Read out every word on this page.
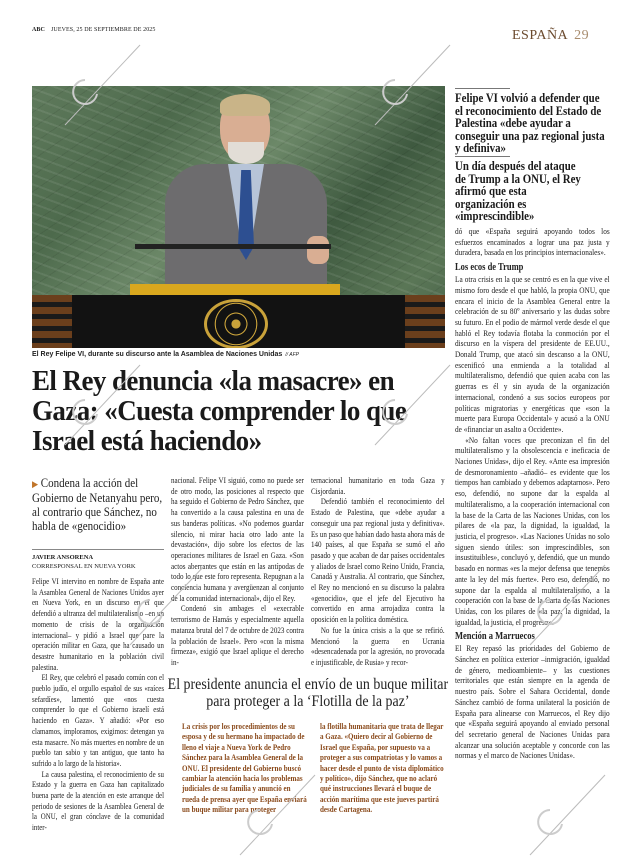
ABC JUEVES, 25 DE SEPTIEMBRE DE 2025	ESPAÑA 29
El Rey Felipe VI, durante su discurso ante la Asamblea de Naciones Unidas // AFP
El Rey denuncia «la masacre» en Gaza: «Cuesta comprender lo que Israel está haciendo»
▶ Condena la acción del Gobierno de Netanyahu pero, al contrario que Sánchez, no habla de «genocidio»
JAVIER ANSORENA
CORRESPONSAL EN NUEVA YORK

Felipe VI intervino en nombre de España ante la Asamblea General de Naciones Unidos ayer en Nueva York, en un discurso en el que defendió a ultranza del multilateralismo –en un momento de crisis de la organización internacional– y pidió a Israel que pare la operación militar en Gaza, que ha causado un desastre humanitario en la población civil palestina.

El Rey, que celebró el pasado común con el pueblo judío, el orgullo español de sus «raíces sefardíes», lamentó que «nos cuesta comprender lo que el Gobierno israelí está haciendo en Gaza». Y añadió: «Por eso clamamos, imploramos, exigimos: detengan ya esta masacre. No más muertes en nombre de un pueblo tan sabio y tan antiguo, que tanto ha sufrido a lo largo de la historia».

La causa palestina, el reconocimiento de su Estado y la guerra en Gaza han capitalizado buena parte de la atención en este arranque del periodo de sesiones de la Asamblea General de la ONU, el gran cónclave de la comunidad inter-

nacional. Felipe VI siguió, como no puede ser de otro modo, las posiciones al respecto que ha seguido el Gobierno de Pedro Sánchez, que ha convertido a la causa palestina en una de sus banderas políticas. «No podemos guardar silencio, ni mirar hacia otro lado ante la devastación», dijo sobre los efectos de las operaciones militares de Israel en Gaza. «Son actos aberrantes que están en las antípodas de todo lo que este foro representa. Repugnan a la conciencia humana y avergüenzan al conjunto de la comunidad internacional», dijo el Rey.

Condenó sin ambages el «execrable terrorismo de Hamás y especialmente aquella matanza brutal del 7 de octubre de 2023 contra la población de Israel». Pero «con la misma firmeza», exigió que Israel aplique el derecho in-

ternacional humanitario en toda Gaza y Cisjordania.

Defendió también el reconocimiento del Estado de Palestina, que «debe ayudar a conseguir una paz regional justa y definitiva». Es un paso que habían dado hasta ahora más de 140 países, al que España se sumó el año pasado y que acaban de dar países occidentales y aliados de Israel como Reino Unido, Francia, Canadá y Australia. Al contrario, que Sánchez, el Rey no mencionó en su discurso la palabra «genocidio», que el jefe del Ejecutivo ha convertido en arma arrojadiza contra la oposición en la política doméstica.

No fue la única crisis a la que se refirió. Mencionó la guerra en Ucrania «desencadenada por la agresión, no provocada e injustificable, de Rusia» y recor-

El presidente anuncia el envío de un buque militar para proteger a la ‘Flotilla de la paz’
La crisis por los procedimientos de su esposa y de su hermano ha impactado de lleno el viaje a Nueva York de Pedro Sánchez para la Asamblea General de la ONU. El presidente del Gobierno buscó cambiar la atención hacia los problemas judiciales de su familia y anunció en rueda de prensa ayer que España enviará un buque militar para proteger
la flotilla humanitaria que trata de llegar a Gaza. «Quiero decir al Gobierno de Israel que España, por supuesto va a proteger a sus compatriotas y lo vamos a hacer desde el punto de vista diplomático y político», dijo Sánchez, que no aclaró qué instrucciones llevará el buque de acción marítima que este jueves partirá desde Cartagena.
Felipe VI volvió a defender que el reconocimiento del Estado de Palestina «debe ayudar a conseguir una paz regional justa y definiva»
Un día después del ataque de Trump a la ONU, el Rey afirmó que esta organización es «imprescindible»

dó que «España seguirá apoyando todos los esfuerzos encaminados a lograr una paz justa y duradera, basada en los principios internacionales».

Los ecos de Trump

La otra crisis en la que se centró es en la que vive el mismo foro desde el que habló, la propia ONU, que encara el inicio de la Asamblea General entre la celebración de su 80º aniversario y las dudas sobre su futuro. En el podio de mármol verde desde el que habló el Rey todavía flotaba la conmoción por el discurso en la víspera del presidente de EE.UU., Donald Trump, que atacó sin descanso a la ONU, escenificó una enmienda a la totalidad al multilateralismo, defendió que quien acaba con las guerras es él y sin ayuda de la organización internacional, condenó a sus socios europeos por políticas migratorias y energéticas que «son la muerte para Europa Occidental» y acusó a la ONU de «financiar un asalto a Occidente».

«No faltan voces que preconizan el fin del multilateralismo y la obsolescencia e ineficacia de Naciones Unidas», dijo el Rey. «Ante esa impresión de desmoronamiento –añadió– es evidente que los tiempos han cambiado y debemos adaptarnos». Pero eso, defendió, no supone dar la espalda al multilateralismo, a la cooperación internacional con la base de la Carta de las Naciones Unidas, con los pilares de «la paz, la dignidad, la igualdad, la justicia, el progreso». «Las Naciones Unidas no solo siguen siendo útiles: son imprescindibles, son insustituibles», concluyó y, defendió, que un mundo basado en normas «es la mejor defensa que tenemos ante la ley del más fuerte». Pero eso, defendió, no supone dar la espalda al multilateralismo, a la cooperación con la base de la Carta de las Naciones Unidas, con los pilares de «la paz, la dignidad, la igualdad, la justicia, el progreso».

Mención a Marruecos

El Rey repasó las prioridades del Gobierno de Sánchez en política exterior –inmigración, igualdad de género, medioambiente– y las cuestiones territoriales que están siempre en la agenda de nuestro país. Sobre el Sahara Occidental, donde Sánchez cambió de forma unilateral la posición de España para alinearse con Marruecos, el Rey dijo que «España seguirá apoyando al enviado personal del secretario general de Naciones Unidas para alcanzar una solución aceptable y concorde con las normas y el marco de Naciones Unidas».
